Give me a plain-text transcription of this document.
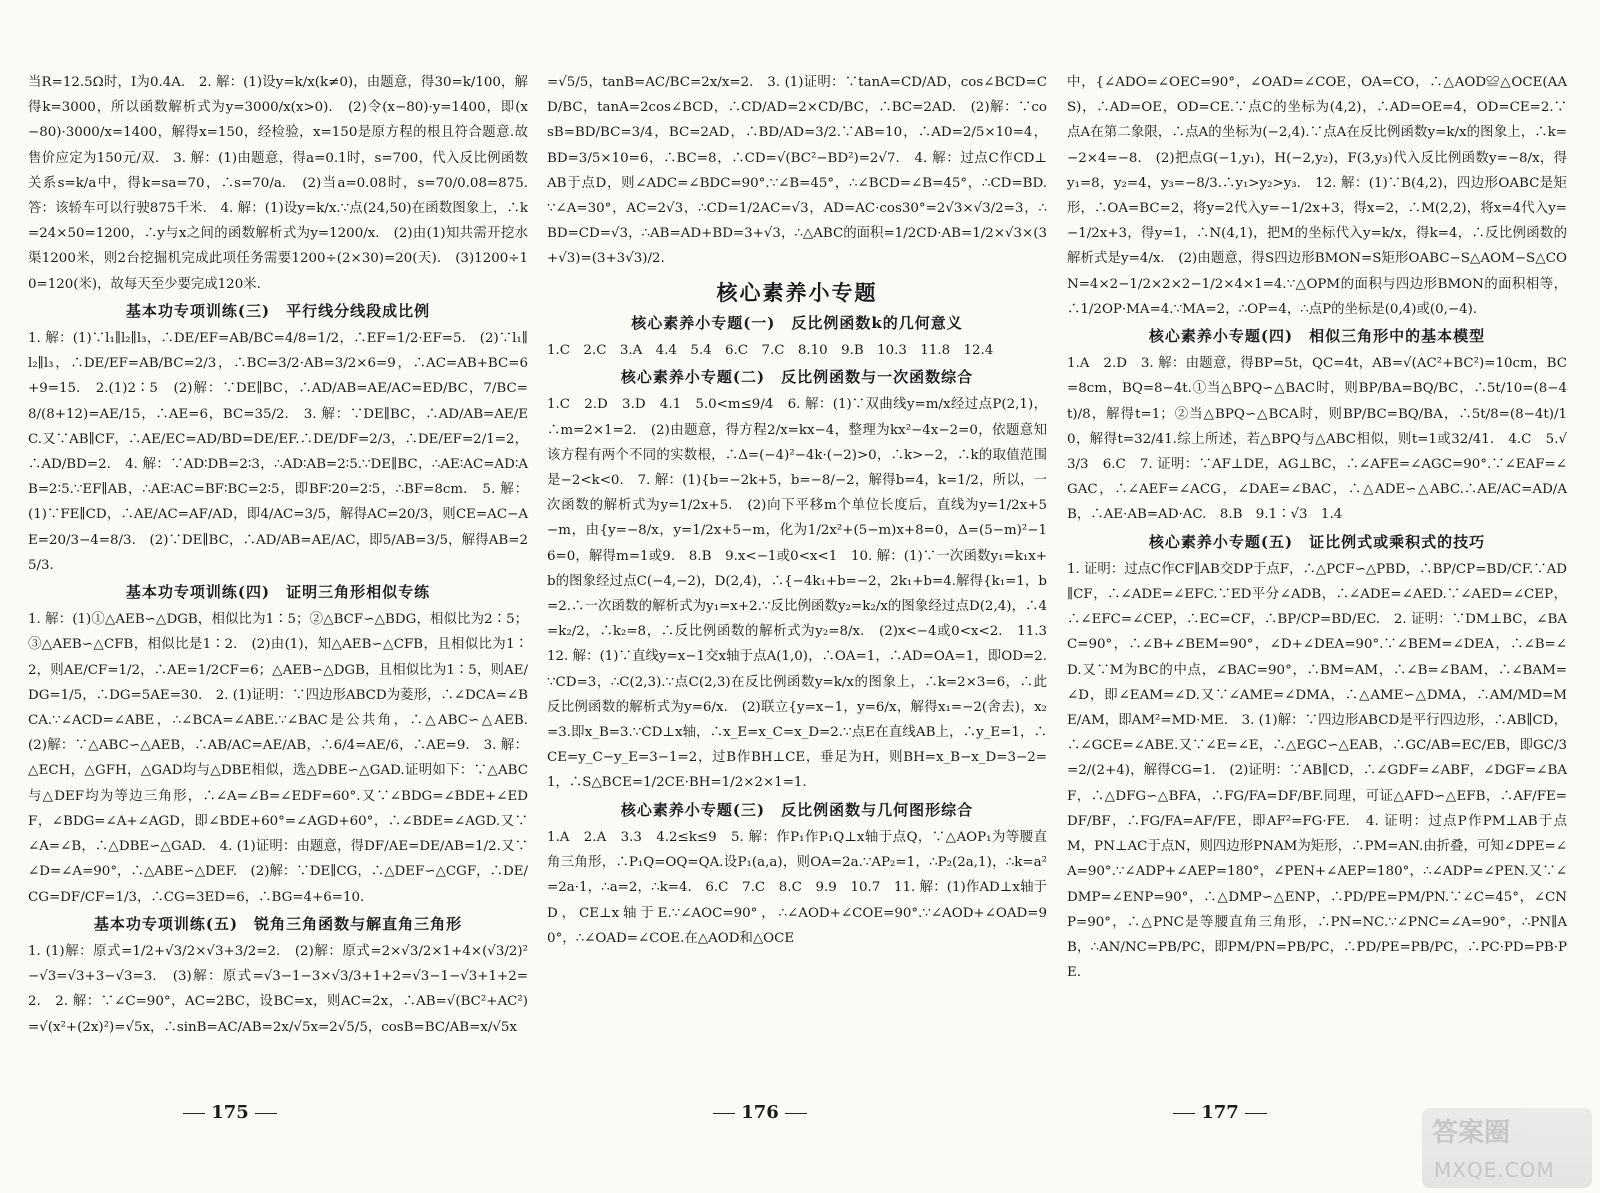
当R=12.5Ω时，I为0.4A.　2. 解：(1)设y=k/x(k≠0)，由题意，得30=k/100，解得k=3000，所以函数解析式为y=3000/x(x>0).　(2)令(x−80)·y=1400，即(x−80)·3000/x=1400，解得x=150，经检验，x=150是原方程的根且符合题意.故售价应定为150元/双.　3. 解：(1)由题意，得a=0.1时，s=700，代入反比例函数关系s=k/a中，得k=sa=70，∴s=70/a.　(2)当a=0.08时，s=70/0.08=875.答：该轿车可以行驶875千米.　4. 解：(1)设y=k/x.∵点(24,50)在函数图象上，∴k=24×50=1200，∴y与x之间的函数解析式为y=1200/x.　(2)由(1)知共需开挖水渠1200米，则2台挖掘机完成此项任务需要1200÷(2×30)=20(天).　(3)1200÷10=120(米)，故每天至少要完成120米.
基本功专项训练(三)　平行线分线段成比例
1. 解：(1)∵l₁∥l₂∥l₃，∴DE/EF=AB/BC=4/8=1/2，∴EF=1/2·EF=5.　(2)∵l₁∥l₂∥l₃，∴DE/EF=AB/BC=2/3，∴BC=3/2·AB=3/2×6=9，∴AC=AB+BC=6+9=15.　2.(1)2∶5　(2)解：∵DE∥BC，∴AD/AB=AE/AC=ED/BC，7/BC=8/(8+12)=AE/15，∴AE=6，BC=35/2.　3. 解：∵DE∥BC，∴AD/AB=AE/EC.又∵AB∥CF，∴AE/EC=AD/BD=DE/EF.∴DE/DF=2/3，∴DE/EF=2/1=2，∴AD/BD=2.　4. 解：∵AD∶DB=2∶3，∴AD∶AB=2∶5.∵DE∥BC，∴AE∶AC=AD∶AB=2∶5.∵EF∥AB，∴AE∶AC=BF∶BC=2∶5，即BF∶20=2∶5，∴BF=8cm.　5. 解：(1)∵FE∥CD，∴AE/AC=AF/AD，即4/AC=3/5，解得AC=20/3，则CE=AC−AE=20/3−4=8/3.　(2)∵DE∥BC，∴AD/AB=AE/AC，即5/AB=3/5，解得AB=25/3.
基本功专项训练(四)　证明三角形相似专练
1. 解：(1)①△AEB∽△DGB，相似比为1∶5；②△BCF∽△BDG，相似比为2∶5；③△AEB∽△CFB，相似比是1∶2.　(2)由(1)，知△AEB∽△CFB，且相似比为1∶2，则AE/CF=1/2，∴AE=1/2CF=6；△AEB∽△DGB，且相似比为1∶5，则AE/DG=1/5，∴DG=5AE=30.　2. (1)证明：∵四边形ABCD为菱形，∴∠DCA=∠BCA.∵∠ACD=∠ABE，∴∠BCA=∠ABE.∵∠BAC是公共角，∴△ABC∽△AEB.　(2)解：∵△ABC∽△AEB，∴AB/AC=AE/AB，∴6/4=AE/6，∴AE=9.　3. 解：△ECH，△GFH，△GAD均与△DBE相似，选△DBE∽△GAD.证明如下：∵△ABC与△DEF均为等边三角形，∴∠A=∠B=∠EDF=60°.又∵∠BDG=∠BDE+∠EDF，∠BDG=∠A+∠AGD，即∠BDE+60°=∠AGD+60°，∴∠BDE=∠AGD.又∵∠A=∠B，∴△DBE∽△GAD.　4. (1)证明：由题意，得DF/AE=DE/AB=1/2.又∵∠D=∠A=90°，∴△ABE∽△DEF.　(2)解：∵DE∥CG，∴△DEF∽△CGF，∴DE/CG=DF/CF=1/3，∴CG=3ED=6，∴BG=4+6=10.
基本功专项训练(五)　锐角三角函数与解直角三角形
1. (1)解：原式=1/2+√3/2×√3+3/2=2.　(2)解：原式=2×√3/2×1+4×(√3/2)²−√3=√3+3−√3=3.　(3)解：原式=√3−1−3×√3/3+1+2=√3−1−√3+1+2=2.　2. 解：∵∠C=90°，AC=2BC，设BC=x，则AC=2x，∴AB=√(BC²+AC²)=√(x²+(2x)²)=√5x，∴sinB=AC/AB=2x/√5x=2√5/5，cosB=BC/AB=x/√5x
=√5/5，tanB=AC/BC=2x/x=2.　3. (1)证明：∵tanA=CD/AD，cos∠BCD=CD/BC，tanA=2cos∠BCD，∴CD/AD=2×CD/BC，∴BC=2AD.　(2)解：∵cosB=BD/BC=3/4，BC=2AD，∴BD/AD=3/2.∵AB=10，∴AD=2/5×10=4，BD=3/5×10=6，∴BC=8，∴CD=√(BC²−BD²)=2√7.　4. 解：过点C作CD⊥AB于点D，则∠ADC=∠BDC=90°.∵∠B=45°，∴∠BCD=∠B=45°，∴CD=BD.∵∠A=30°，AC=2√3，∴CD=1/2AC=√3，AD=AC·cos30°=2√3×√3/2=3，∴BD=CD=√3，∴AB=AD+BD=3+√3，∴△ABC的面积=1/2CD·AB=1/2×√3×(3+√3)=(3+3√3)/2.
核心素养小专题
核心素养小专题(一)　反比例函数k的几何意义
1.C　2.C　3.A　4.4　5.4　6.C　7.C　8.10　9.B　10.3　11.8　12.4
核心素养小专题(二)　反比例函数与一次函数综合
1.C　2.D　3.D　4.1　5.0<m≤9/4　6. 解：(1)∵双曲线y=m/x经过点P(2,1)，∴m=2×1=2.　(2)由题意，得方程2/x=kx−4，整理为kx²−4x−2=0，依题意知该方程有两个不同的实数根，∴Δ=(−4)²−4k·(−2)>0，∴k>−2，∴k的取值范围是−2<k<0.　7. 解：(1){b=−2k+5，b=−8/−2，解得b=4，k=1/2，所以，一次函数的解析式为y=1/2x+5.　(2)向下平移m个单位长度后，直线为y=1/2x+5−m，由{y=−8/x，y=1/2x+5−m，化为1/2x²+(5−m)x+8=0，Δ=(5−m)²−16=0，解得m=1或9.　8.B　9.x<−1或0<x<1　10. 解：(1)∵一次函数y₁=k₁x+b的图象经过点C(−4,−2)，D(2,4)，∴{−4k₁+b=−2，2k₁+b=4.解得{k₁=1，b=2.∴一次函数的解析式为y₁=x+2.∵反比例函数y₂=k₂/x的图象经过点D(2,4)，∴4=k₂/2，∴k₂=8，∴反比例函数的解析式为y₂=8/x.　(2)x<−4或0<x<2.　11.3　12. 解：(1)∵直线y=x−1交x轴于点A(1,0)，∴OA=1，∴AD=OA=1，即OD=2.∵CD=3，∴C(2,3).∵点C(2,3)在反比例函数y=k/x的图象上，∴k=2×3=6，∴此反比例函数的解析式为y=6/x.　(2)联立{y=x−1，y=6/x，解得x₁=−2(舍去)，x₂=3.即x_B=3.∵CD⊥x轴，∴x_E=x_C=x_D=2.∵点E在直线AB上，∴y_E=1，∴CE=y_C−y_E=3−1=2，过B作BH⊥CE，垂足为H，则BH=x_B−x_D=3−2=1，∴S△BCE=1/2CE·BH=1/2×2×1=1.
核心素养小专题(三)　反比例函数与几何图形综合
1.A　2.A　3.3　4.2≤k≤9　5. 解：作P₁作P₁Q⊥x轴于点Q，∵△AOP₁为等腰直角三角形，∴P₁Q=OQ=QA.设P₁(a,a)，则OA=2a.∵AP₂=1，∴P₂(2a,1)，∴k=a²=2a·1，∴a=2，∴k=4.　6.C　7.C　8.C　9.9　10.7　11. 解：(1)作AD⊥x轴于D，CE⊥x轴于E.∵∠AOC=90°，∴∠AOD+∠COE=90°.∵∠AOD+∠OAD=90°，∴∠OAD=∠COE.在△AOD和△OCE
中，{∠ADO=∠OEC=90°，∠OAD=∠COE，OA=CO，∴△AOD≌△OCE(AAS)，∴AD=OE，OD=CE.∵点C的坐标为(4,2)，∴AD=OE=4，OD=CE=2.∵点A在第二象限，∴点A的坐标为(−2,4).∵点A在反比例函数y=k/x的图象上，∴k=−2×4=−8.　(2)把点G(−1,y₁)，H(−2,y₂)，F(3,y₃)代入反比例函数y=−8/x，得y₁=8，y₂=4，y₃=−8/3.∴y₁>y₂>y₃.　12. 解：(1)∵B(4,2)，四边形OABC是矩形，∴OA=BC=2，将y=2代入y=−1/2x+3，得x=2，∴M(2,2)，将x=4代入y=−1/2x+3，得y=1，∴N(4,1)，把M的坐标代入y=k/x，得k=4，∴反比例函数的解析式是y=4/x.　(2)由题意，得S四边形BMON=S矩形OABC−S△AOM−S△CON=4×2−1/2×2×2−1/2×4×1=4.∵△OPM的面积与四边形BMON的面积相等，∴1/2OP·MA=4.∵MA=2，∴OP=4，∴点P的坐标是(0,4)或(0,−4).
核心素养小专题(四)　相似三角形中的基本模型
1.A　2.D　3. 解：由题意，得BP=5t，QC=4t，AB=√(AC²+BC²)=10cm，BC=8cm，BQ=8−4t.①当△BPQ∽△BAC时，则BP/BA=BQ/BC，∴5t/10=(8−4t)/8，解得t=1；②当△BPQ∽△BCA时，则BP/BC=BQ/BA，∴5t/8=(8−4t)/10，解得t=32/41.综上所述，若△BPQ与△ABC相似，则t=1或32/41.　4.C　5.√3/3　6.C　7. 证明：∵AF⊥DE，AG⊥BC，∴∠AFE=∠AGC=90°.∵∠EAF=∠GAC，∴∠AEF=∠ACG，∠DAE=∠BAC，∴△ADE∽△ABC.∴AE/AC=AD/AB，∴AE·AB=AD·AC.　8.B　9.1∶√3　1.4
核心素养小专题(五)　证比例式或乘积式的技巧
1. 证明：过点C作CF∥AB交DP于点F，∴△PCF∽△PBD，∴BP/CP=BD/CF.∵AD∥CF，∴∠ADE=∠EFC.∵ED平分∠ADB，∴∠ADE=∠AED.∵∠AED=∠CEP，∴∠EFC=∠CEP，∴EC=CF，∴BP/CP=BD/EC.　2. 证明：∵DM⊥BC，∠BAC=90°，∴∠B+∠BEM=90°，∠D+∠DEA=90°.∵∠BEM=∠DEA，∴∠B=∠D.又∵M为BC的中点，∠BAC=90°，∴BM=AM，∴∠B=∠BAM，∴∠BAM=∠D，即∠EAM=∠D.又∵∠AME=∠DMA，∴△AME∽△DMA，∴AM/MD=ME/AM，即AM²=MD·ME.　3. (1)解：∵四边形ABCD是平行四边形，∴AB∥CD，∴∠GCE=∠ABE.又∵∠E=∠E，∴△EGC∽△EAB，∴GC/AB=EC/EB，即GC/3=2/(2+4)，解得CG=1.　(2)证明：∵AB∥CD，∴∠GDF=∠ABF，∠DGF=∠BAF，∴△DFG∽△BFA，∴FG/FA=DF/BF.同理，可证△AFD∽△EFB，∴AF/FE=DF/BF，∴FG/FA=AF/FE，即AF²=FG·FE.　4. 证明：过点P作PM⊥AB于点M，PN⊥AC于点N，则四边形PNAM为矩形，∴PM=AN.由折叠，可知∠DPE=∠A=90°.∵∠ADP+∠AEP=180°，∠PEN+∠AEP=180°，∴∠ADP=∠PEN.又∵∠DMP=∠ENP=90°，∴△DMP∽△ENP，∴PD/PE=PM/PN.∵∠C=45°，∠CNP=90°，∴△PNC是等腰直角三角形，∴PN=NC.∵∠PNC=∠A=90°，∴PN∥AB，∴AN/NC=PB/PC，即PM/PN=PB/PC，∴PD/PE=PB/PC，∴PC·PD=PB·PE.
175	176	177
答案圈
MXQE.COM
